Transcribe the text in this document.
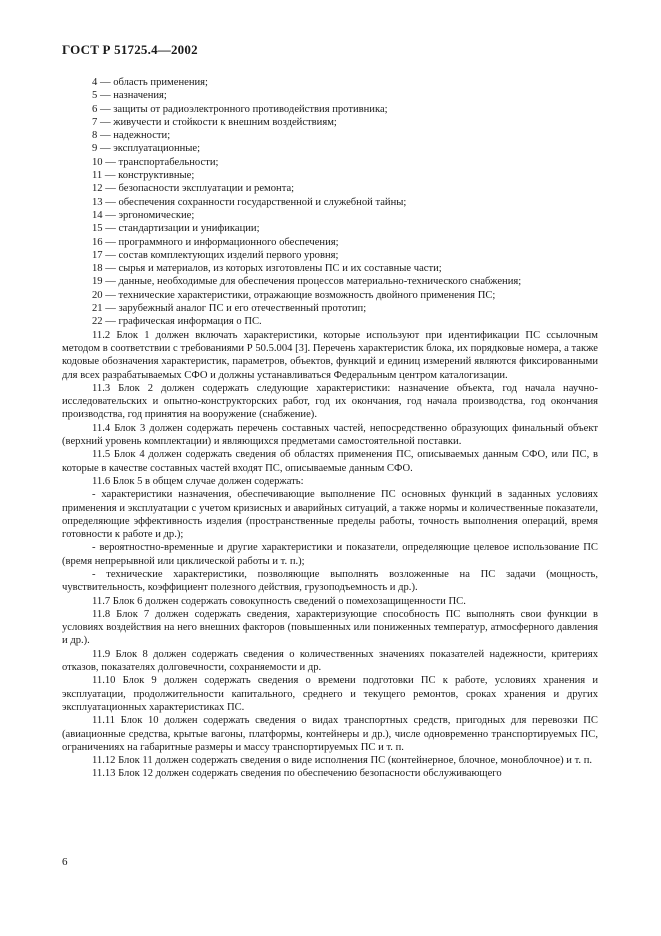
ГОСТ Р 51725.4—2002
4 — область применения;
5 — назначения;
6 — защиты от радиоэлектронного противодействия противника;
7 — живучести и стойкости к внешним воздействиям;
8 — надежности;
9 — эксплуатационные;
10 — транспортабельности;
11 — конструктивные;
12 — безопасности эксплуатации и ремонта;
13 — обеспечения сохранности государственной и служебной тайны;
14 — эргономические;
15 — стандартизации и унификации;
16 — программного и информационного обеспечения;
17 — состав комплектующих изделий первого уровня;
18 — сырья и материалов, из которых изготовлены ПС и их составные части;
19 — данные, необходимые для обеспечения процессов материально-технического снабжения;
20 — технические характеристики, отражающие возможность двойного применения ПС;
21 — зарубежный аналог ПС и его отечественный прототип;
22 — графическая информация о ПС.

11.2 Блок 1 должен включать характеристики, которые используют при идентификации ПС ссылочным методом в соответствии с требованиями Р 50.5.004 [3]. Перечень характеристик блока, их порядковые номера, а также кодовые обозначения характеристик, параметров, объектов, функций и единиц измерений являются фиксированными для всех разрабатываемых СФО и должны устанавливаться Федеральным центром каталогизации.

11.3 Блок 2 должен содержать следующие характеристики: назначение объекта, год начала научно-исследовательских и опытно-конструкторских работ, год их окончания, год начала производства, год окончания производства, год принятия на вооружение (снабжение).

11.4 Блок 3 должен содержать перечень составных частей, непосредственно образующих финальный объект (верхний уровень комплектации) и являющихся предметами самостоятельной поставки.

11.5 Блок 4 должен содержать сведения об областях применения ПС, описываемых данным СФО, или ПС, в которые в качестве составных частей входят ПС, описываемые данным СФО.

11.6 Блок 5 в общем случае должен содержать:

- характеристики назначения, обеспечивающие выполнение ПС основных функций в заданных условиях применения и эксплуатации с учетом кризисных и аварийных ситуаций, а также нормы и количественные показатели, определяющие эффективность изделия (пространственные пределы работы, точность выполнения операций, время готовности к работе и др.);

- вероятностно-временные и другие характеристики и показатели, определяющие целевое использование ПС (время непрерывной или циклической работы и т. п.);

- технические характеристики, позволяющие выполнять возложенные на ПС задачи (мощность, чувствительность, коэффициент полезного действия, грузоподъемность и др.).

11.7 Блок 6 должен содержать совокупность сведений о помехозащищенности ПС.

11.8 Блок 7 должен содержать сведения, характеризующие способность ПС выполнять свои функции в условиях воздействия на него внешних факторов (повышенных или пониженных температур, атмосферного давления и др.).

11.9 Блок 8 должен содержать сведения о количественных значениях показателей надежности, критериях отказов, показателях долговечности, сохраняемости и др.

11.10 Блок 9 должен содержать сведения о времени подготовки ПС к работе, условиях хранения и эксплуатации, продолжительности капитального, среднего и текущего ремонтов, сроках хранения и других эксплуатационных характеристиках ПС.

11.11 Блок 10 должен содержать сведения о видах транспортных средств, пригодных для перевозки ПС (авиационные средства, крытые вагоны, платформы, контейнеры и др.), числе одновременно транспортируемых ПС, ограничениях на габаритные размеры и массу транспортируемых ПС и т. п.

11.12 Блок 11 должен содержать сведения о виде исполнения ПС (контейнерное, блочное, моноблочное) и т. п.

11.13 Блок 12 должен содержать сведения по обеспечению безопасности обслуживающего

6
